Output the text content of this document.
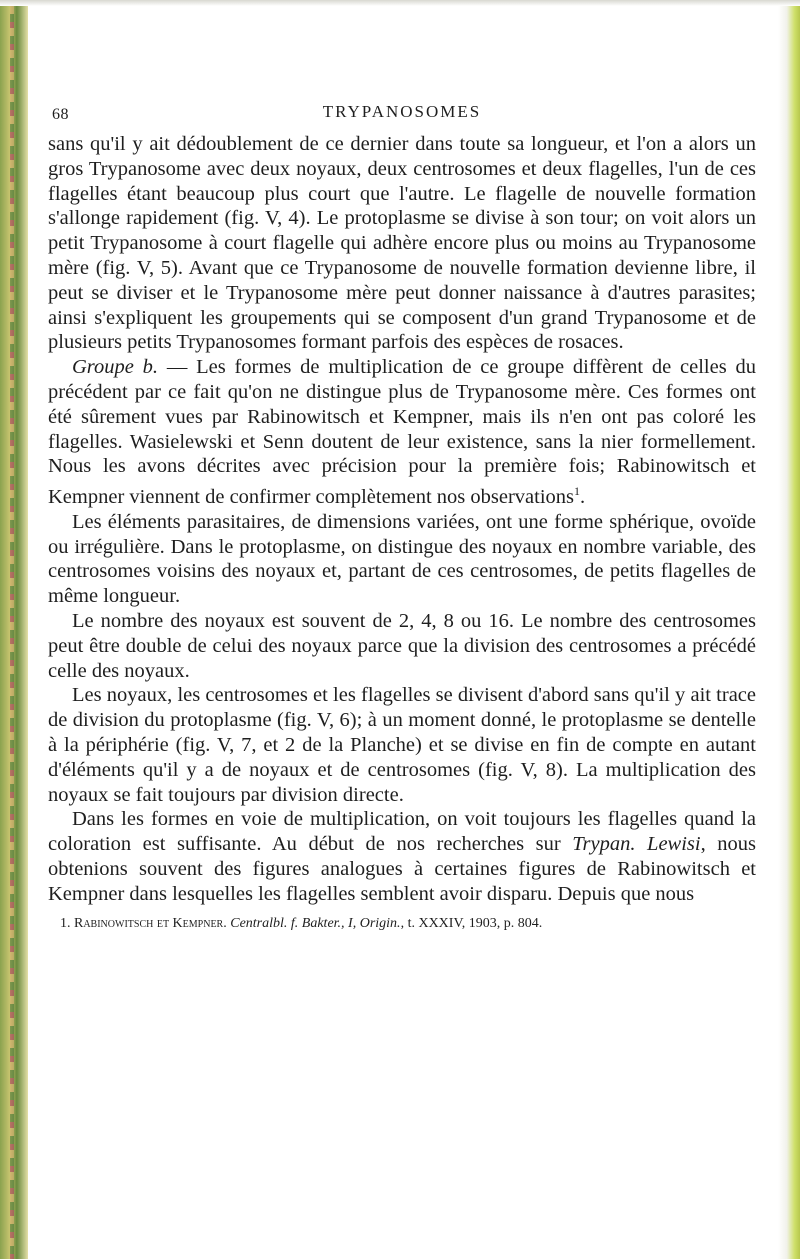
68	TRYPANOSOMES

sans qu'il y ait dédoublement de ce dernier dans toute sa longueur, et l'on a alors un gros Trypanosome avec deux noyaux, deux centrosomes et deux flagelles, l'un de ces flagelles étant beaucoup plus court que l'autre. Le flagelle de nouvelle formation s'allonge rapidement (fig. V, 4). Le protoplasme se divise à son tour; on voit alors un petit Trypanosome à court flagelle qui adhère encore plus ou moins au Trypanosome mère (fig. V, 5). Avant que ce Trypanosome de nouvelle formation devienne libre, il peut se diviser et le Trypanosome mère peut donner naissance à d'autres parasites; ainsi s'expliquent les groupements qui se composent d'un grand Trypanosome et de plusieurs petits Trypanosomes formant parfois des espèces de rosaces.

Groupe b. — Les formes de multiplication de ce groupe diffèrent de celles du précédent par ce fait qu'on ne distingue plus de Trypanosome mère. Ces formes ont été sûrement vues par Rabinowitsch et Kempner, mais ils n'en ont pas coloré les flagelles. Wasielewski et Senn doutent de leur existence, sans la nier formellement. Nous les avons décrites avec précision pour la première fois; Rabinowitsch et Kempner viennent de confirmer complètement nos observations$^1$.

Les éléments parasitaires, de dimensions variées, ont une forme sphérique, ovoïde ou irrégulière. Dans le protoplasme, on distingue des noyaux en nombre variable, des centrosomes voisins des noyaux et, partant de ces centrosomes, de petits flagelles de même longueur.

Le nombre des noyaux est souvent de 2, 4, 8 ou 16. Le nombre des centrosomes peut être double de celui des noyaux parce que la division des centrosomes a précédé celle des noyaux.

Les noyaux, les centrosomes et les flagelles se divisent d'abord sans qu'il y ait trace de division du protoplasme (fig. V, 6); à un moment donné, le protoplasme se dentelle à la périphérie (fig. V, 7, et 2 de la Planche) et se divise en fin de compte en autant d'éléments qu'il y a de noyaux et de centrosomes (fig. V, 8). La multiplication des noyaux se fait toujours par division directe.

Dans les formes en voie de multiplication, on voit toujours les flagelles quand la coloration est suffisante. Au début de nos recherches sur Trypan. Lewisi, nous obtenions souvent des figures analogues à certaines figures de Rabinowitsch et Kempner dans lesquelles les flagelles semblent avoir disparu. Depuis que nous

1. Rabinowitsch et Kempner. Centralbl. f. Bakter., I, Origin., t. XXXIV, 1903, p. 804.
